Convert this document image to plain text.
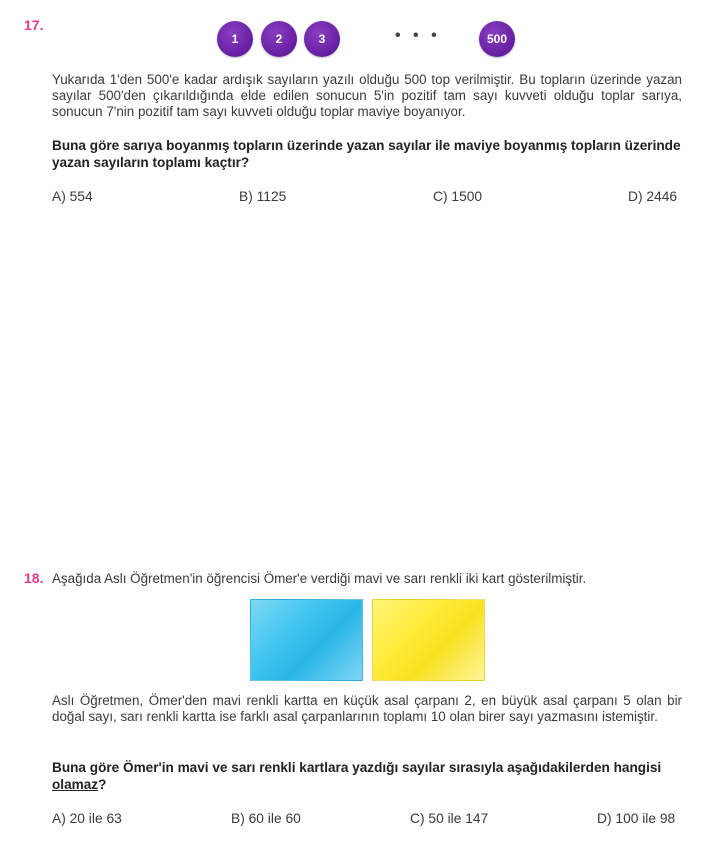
17.
1	2	3	• • •	500

Yukarıda 1'den 500'e kadar ardışık sayıların yazılı olduğu 500 top verilmiştir. Bu topların üzerinde yazan sayılar 500'den çıkarıldığında elde edilen sonucun 5'in pozitif tam sayı kuvveti olduğu toplar sarıya, sonucun 7'nin pozitif tam sayı kuvveti olduğu toplar maviye boyanıyor.

Buna göre sarıya boyanmış topların üzerinde yazan sayılar ile maviye boyanmış topların üzerinde yazan sayıların toplamı kaçtır?

A) 554	B) 1125	C) 1500	D) 2446
18. Aşağıda Aslı Öğretmen'in öğrencisi Ömer'e verdiği mavi ve sarı renkli iki kart gösterilmiştir.

Aslı Öğretmen, Ömer'den mavi renkli kartta en küçük asal çarpanı 2, en büyük asal çarpanı 5 olan bir doğal sayı, sarı renkli kartta ise farklı asal çarpanlarının toplamı 10 olan birer sayı yazmasını istemiştir.

Buna göre Ömer'in mavi ve sarı renkli kartlara yazdığı sayılar sırasıyla aşağıdakilerden hangisi olamaz?

A) 20 ile 63	B) 60 ile 60	C) 50 ile 147	D) 100 ile 98
